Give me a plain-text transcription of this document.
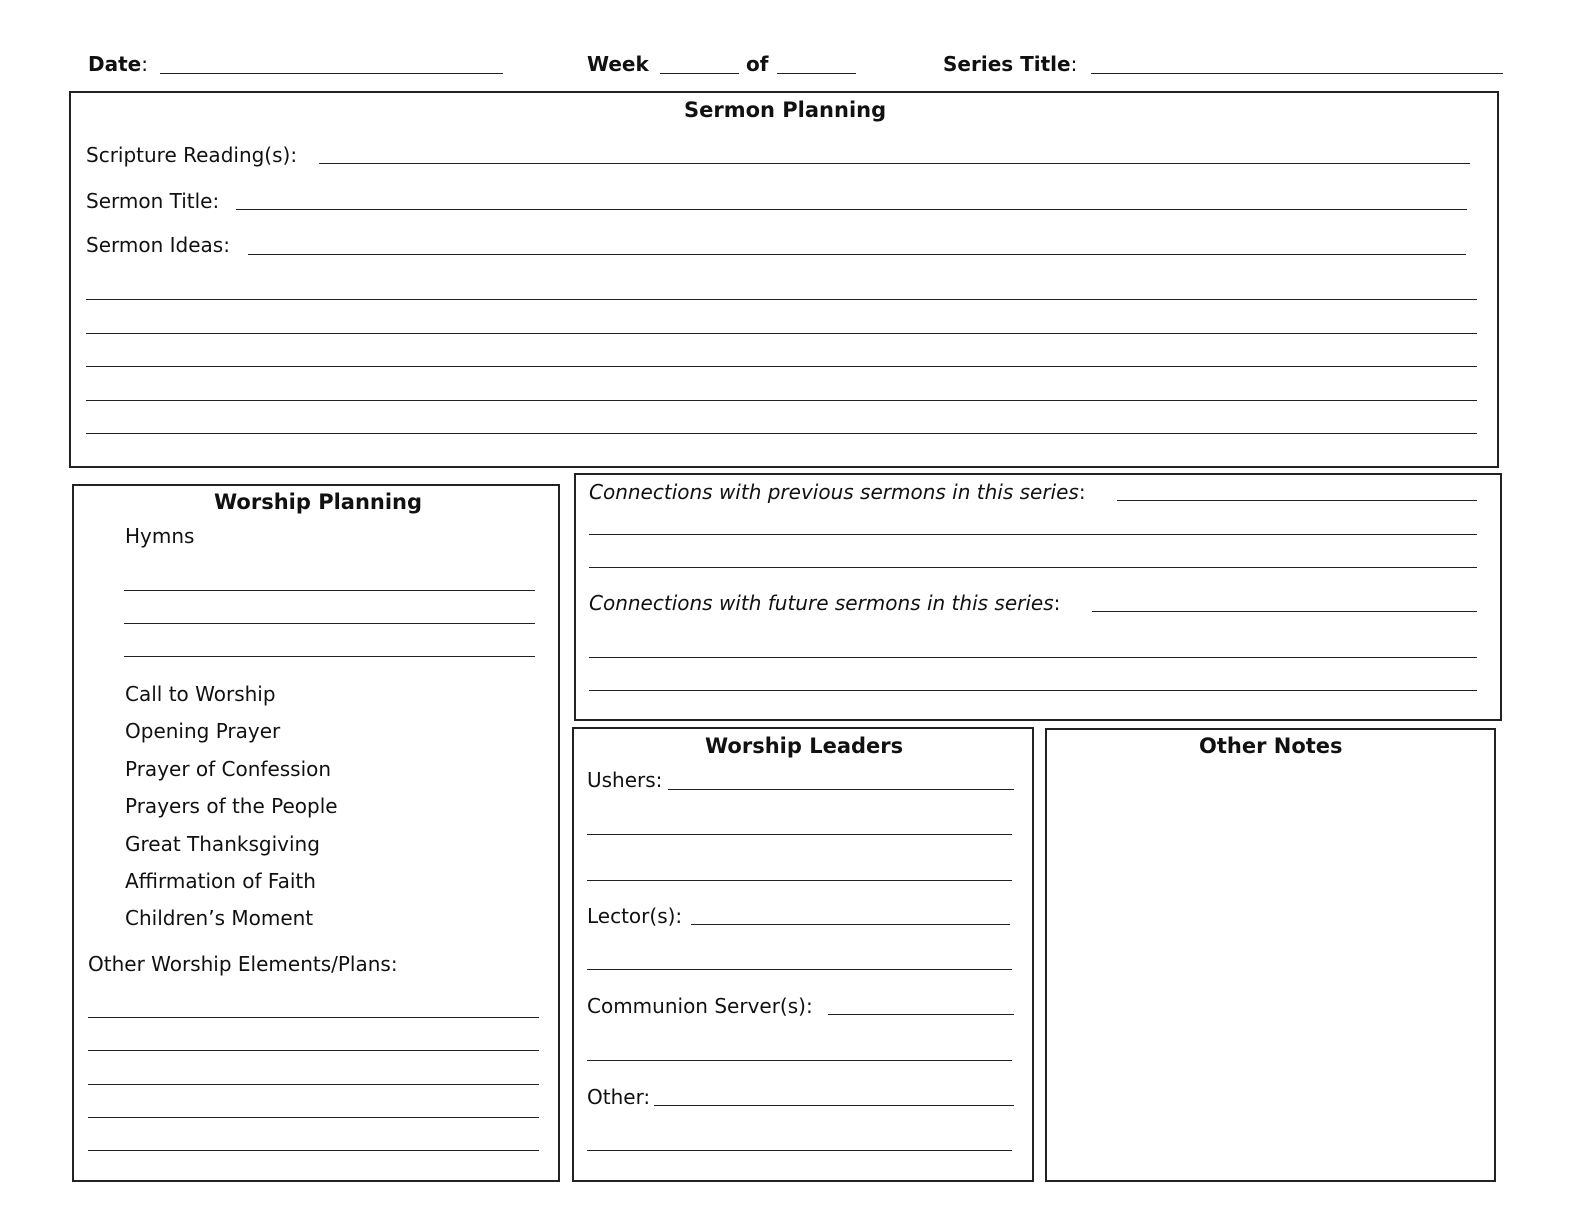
Date:	Week	of	Series Title:
Sermon Planning
Scripture Reading(s):
Sermon Title:
Sermon Ideas:
Worship Planning
Hymns
Call to Worship
Opening Prayer
Prayer of Confession
Prayers of the People
Great Thanksgiving
Affirmation of Faith
Children’s Moment
Other Worship Elements/Plans:
Connections with previous sermons in this series:
Connections with future sermons in this series:
Worship Leaders
Ushers:
Lector(s):
Communion Server(s):
Other:
Other Notes
